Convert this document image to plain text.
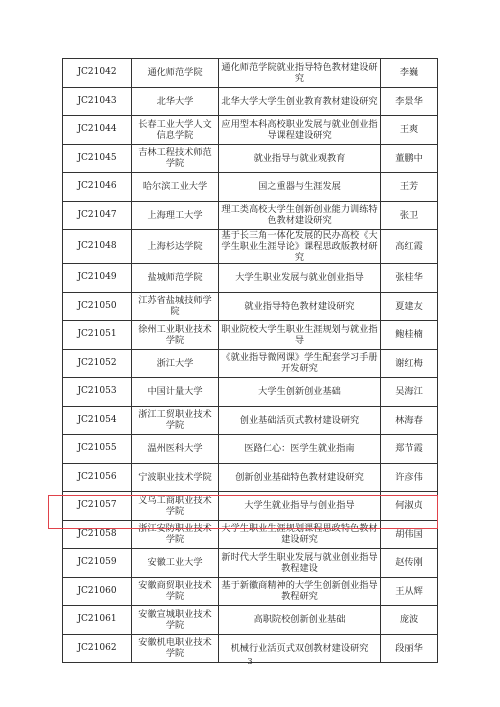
JC21042	通化师范学院	通化师范学院就业指导特色教材建设研究	李巍
JC21043	北华大学	北华大学大学生创业教育教材建设研究	李景华
JC21044	长春工业大学人文信息学院	应用型本科高校职业发展与就业创业指导课程建设研究	王爽
JC21045	吉林工程技术师范学院	就业指导与就业观教育	董鹏中
JC21046	哈尔滨工业大学	国之重器与生涯发展	王芳
JC21047	上海理工大学	理工类高校大学生创新创业能力训练特色教材建设研究	张卫
JC21048	上海杉达学院	基于长三角一体化发展的民办高校《大学生职业生涯导论》课程思政版教材研究	高红霞
JC21049	盐城师范学院	大学生职业发展与就业创业指导	张桂华
JC21050	江苏省盐城技师学院	就业指导特色教材建设研究	夏建友
JC21051	徐州工业职业技术学院	职业院校大学生职业生涯规划与就业指导	鲍桂楠
JC21052	浙江大学	《就业指导微网课》学生配套学习手册开发研究	谢红梅
JC21053	中国计量大学	大学生创新创业基础	吴海江
JC21054	浙江工贸职业技术学院	创业基础活页式教材建设研究	林海春
JC21055	温州医科大学	医路仁心：医学生就业指南	郑节霞
JC21056	宁波职业技术学院	创新创业基础特色教材建设研究	许彦伟
JC21057	义乌工商职业技术学院	大学生就业指导与创业指导	何淑贞
JC21058	浙江安防职业技术学院	大学生职业生涯规划课程思政特色教材建设研究	胡伟国
JC21059	安徽工业大学	新时代大学生职业发展与就业创业指导教程建设	赵传刚
JC21060	安徽商贸职业技术学院	基于新徽商精神的大学生创新创业指导教程研究	王从辉
JC21061	安徽宣城职业技术学院	高职院校创新创业基础	庞波
JC21062	安徽机电职业技术学院	机械行业活页式双创教材建设研究	段丽华
3
